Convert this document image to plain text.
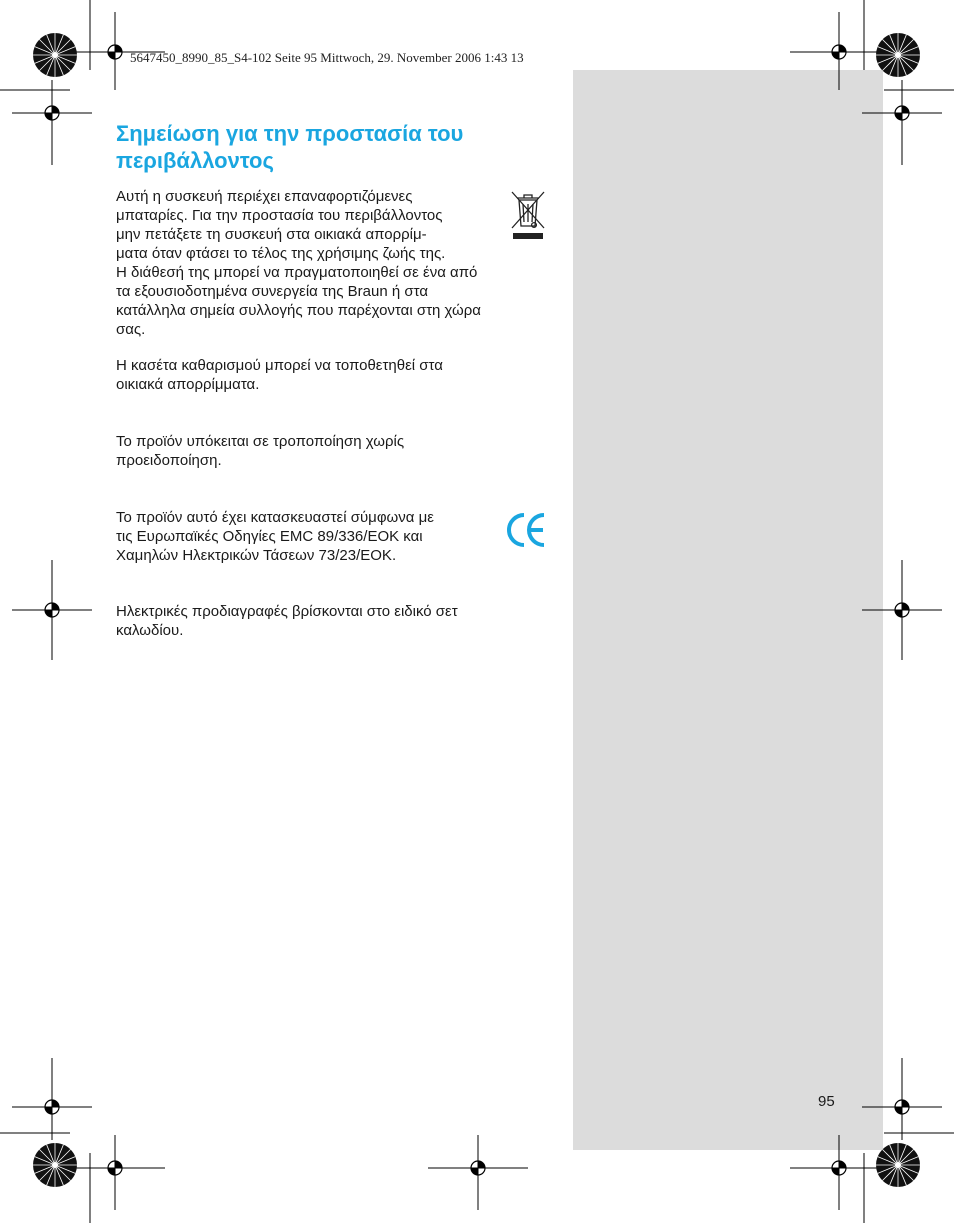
5647450_8990_85_S4-102 Seite 95 Mittwoch, 29. November 2006 1:43 13
Σημείωση για την προστασία του
περιβάλλοντος
Αυτή η συσκευή περιέχει επαναφορτιζόμενες
μπαταρίες. Για την προστασία του περιβάλλοντος
μην πετάξετε τη συσκευή στα οικιακά απορρίμ-
ματα όταν φτάσει το τέλος της χρήσιμης ζωής της.
Η διάθεσή της μπορεί να πραγματοποιηθεί σε ένα από
τα εξουσιοδοτημένα συνεργεία της Braun ή στα
κατάλληλα σημεία συλλογής που παρέχονται στη χώρα
σας.
Η κασέτα καθαρισμού μπορεί να τοποθετηθεί στα
οικιακά απορρίμματα.
Το προϊόν υπόκειται σε τροποποίηση χωρίς
προειδοποίηση.
Το προϊόν αυτό έχει κατασκευαστεί σύμφωνα με
τις Ευρωπαϊκές Οδηγίες EMC 89/336/ΕΟΚ και
Χαμηλών Ηλεκτρικών Τάσεων 73/23/ΕΟΚ.
Ηλεκτρικές προδιαγραφές βρίσκονται στο ειδικό σετ
καλωδίου.
95
